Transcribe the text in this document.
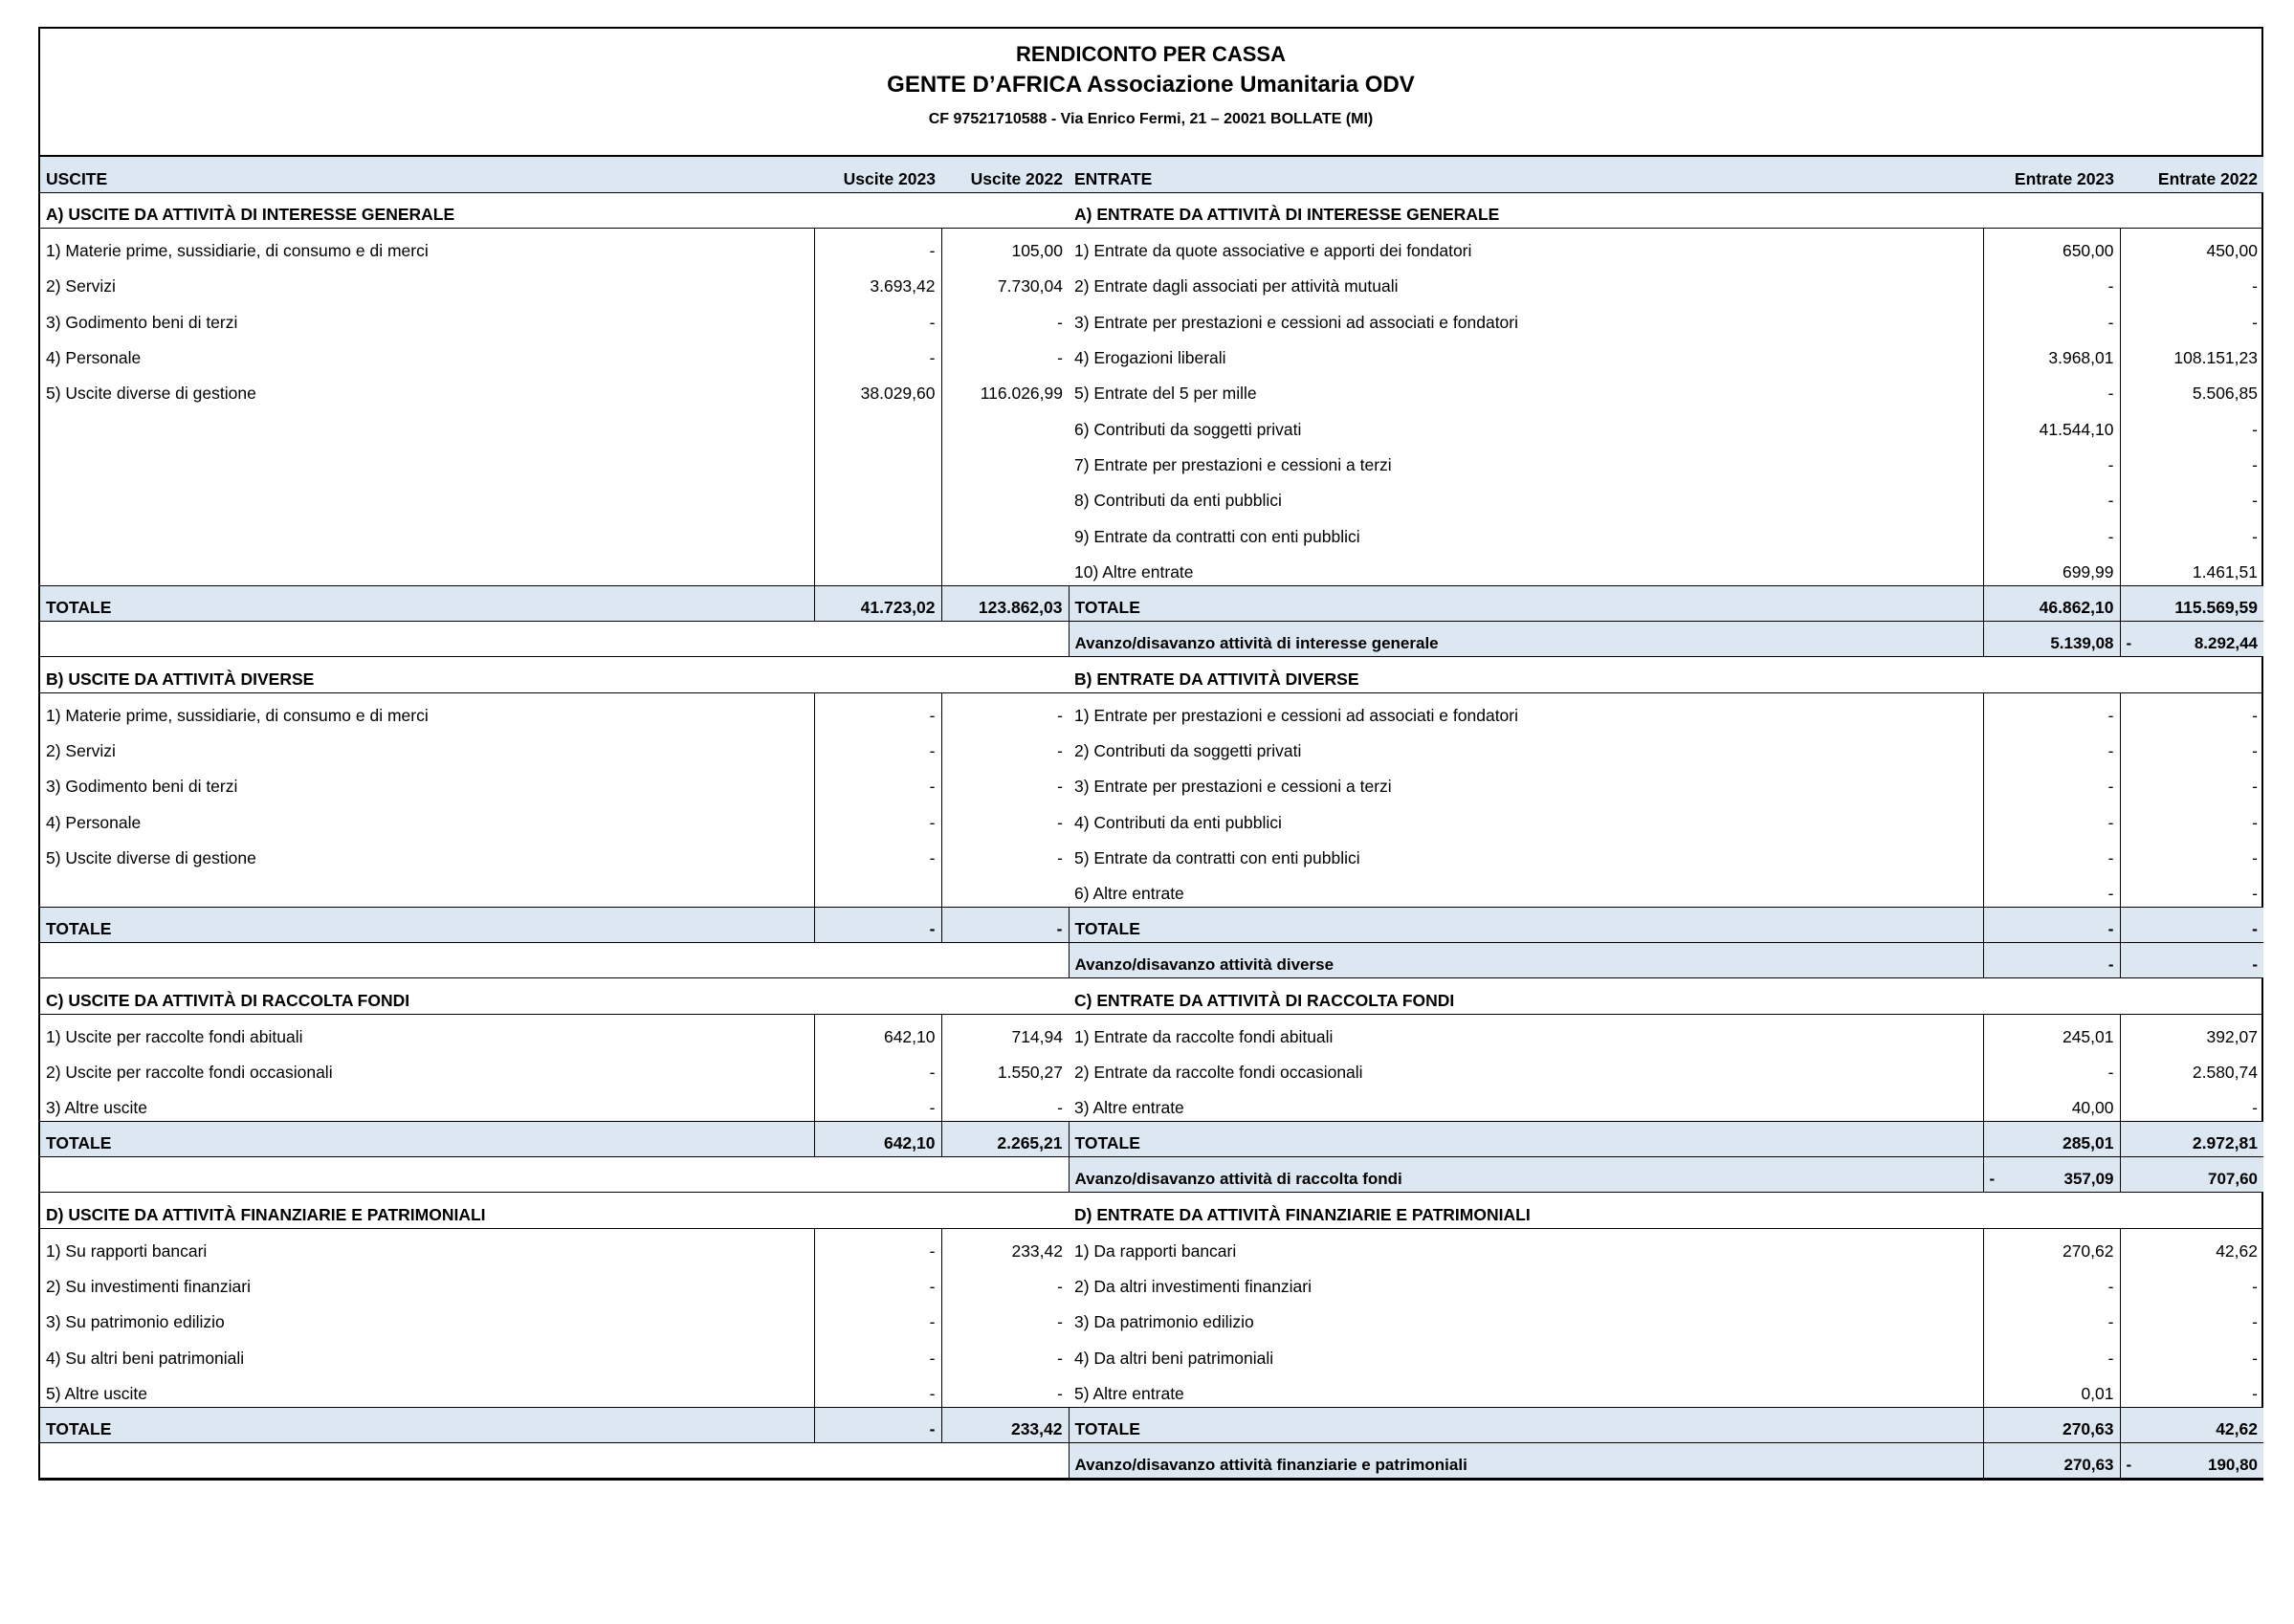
RENDICONTO PER CASSA
GENTE D’AFRICA Associazione Umanitaria ODV
CF 97521710588 - Via Enrico Fermi, 21 – 20021 BOLLATE (MI)
USCITE	Uscite 2023	Uscite 2022	ENTRATE	Entrate 2023	Entrate 2022
A) USCITE DA ATTIVITÀ DI INTERESSE GENERALE			A) ENTRATE DA ATTIVITÀ DI INTERESSE GENERALE		
1) Materie prime, sussidiarie, di consumo e di merci	-	105,00	1) Entrate da quote associative e apporti dei fondatori	650,00	450,00
2) Servizi	3.693,42	7.730,04	2) Entrate dagli associati per attività mutuali	-	-
3) Godimento beni di terzi	-	-	3) Entrate per prestazioni e cessioni ad associati e fondatori	-	-
4) Personale	-	-	4) Erogazioni liberali	3.968,01	108.151,23
5) Uscite diverse di gestione	38.029,60	116.026,99	5) Entrate del 5 per mille	-	5.506,85
			6) Contributi da soggetti privati	41.544,10	-
			7) Entrate per prestazioni e cessioni a terzi	-	-
			8) Contributi da enti pubblici	-	-
			9) Entrate da contratti con enti pubblici	-	-
			10) Altre entrate	699,99	1.461,51
TOTALE	41.723,02	123.862,03	TOTALE	46.862,10	115.569,59
			Avanzo/disavanzo attività di interesse generale	5.139,08	- 8.292,44
B) USCITE DA ATTIVITÀ DIVERSE			B) ENTRATE DA ATTIVITÀ DIVERSE		
1) Materie prime, sussidiarie, di consumo e di merci	-	-	1) Entrate per prestazioni e cessioni ad associati e fondatori	-	-
2) Servizi	-	-	2) Contributi da soggetti privati	-	-
3) Godimento beni di terzi	-	-	3) Entrate per prestazioni e cessioni a terzi	-	-
4) Personale	-	-	4) Contributi da enti pubblici	-	-
5) Uscite diverse di gestione	-	-	5) Entrate da contratti con enti pubblici	-	-
			6) Altre entrate	-	-
TOTALE	-	-	TOTALE	-	-
			Avanzo/disavanzo attività diverse	-	-
C) USCITE DA ATTIVITÀ DI RACCOLTA FONDI			C) ENTRATE DA ATTIVITÀ DI RACCOLTA FONDI		
1) Uscite per raccolte fondi abituali	642,10	714,94	1) Entrate da raccolte fondi abituali	245,01	392,07
2) Uscite per raccolte fondi occasionali	-	1.550,27	2) Entrate da raccolte fondi occasionali	-	2.580,74
3) Altre uscite	-	-	3) Altre entrate	40,00	-
TOTALE	642,10	2.265,21	TOTALE	285,01	2.972,81
			Avanzo/disavanzo attività di raccolta fondi	- 357,09	707,60
D) USCITE DA ATTIVITÀ FINANZIARIE E PATRIMONIALI			D) ENTRATE DA ATTIVITÀ FINANZIARIE E PATRIMONIALI		
1) Su rapporti bancari	-	233,42	1) Da rapporti bancari	270,62	42,62
2) Su investimenti finanziari	-	-	2) Da altri investimenti finanziari	-	-
3) Su patrimonio edilizio	-	-	3) Da patrimonio edilizio	-	-
4) Su altri beni patrimoniali	-	-	4) Da altri beni patrimoniali	-	-
5) Altre uscite	-	-	5) Altre entrate	0,01	-
TOTALE	-	233,42	TOTALE	270,63	42,62
			Avanzo/disavanzo attività finanziarie e patrimoniali	270,63	- 190,80
